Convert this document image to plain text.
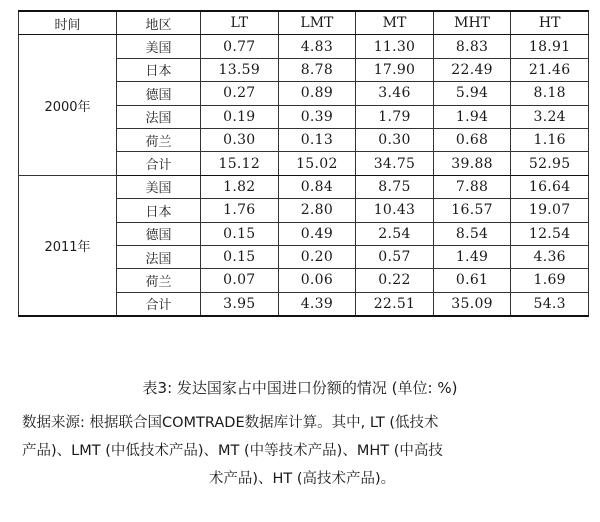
时间	地区	LT	LMT	MT	MHT	HT
2000年	美国	0.77	4.83	11.30	8.83	18.91
	日本	13.59	8.78	17.90	22.49	21.46
	德国	0.27	0.89	3.46	5.94	8.18
	法国	0.19	0.39	1.79	1.94	3.24
	荷兰	0.30	0.13	0.30	0.68	1.16
	合计	15.12	15.02	34.75	39.88	52.95
2011年	美国	1.82	0.84	8.75	7.88	16.64
	日本	1.76	2.80	10.43	16.57	19.07
	德国	0.15	0.49	2.54	8.54	12.54
	法国	0.15	0.20	0.57	1.49	4.36
	荷兰	0.07	0.06	0.22	0.61	1.69
	合计	3.95	4.39	22.51	35.09	54.3
表3: 发达国家占中国进口份额的情况 (单位: %)

数据来源: 根据联合国COMTRADE数据库计算。其中, LT (低技术

产品)、LMT (中低技术产品)、MT (中等技术产品)、MHT (中高技

术产品)、HT (高技术产品)。
